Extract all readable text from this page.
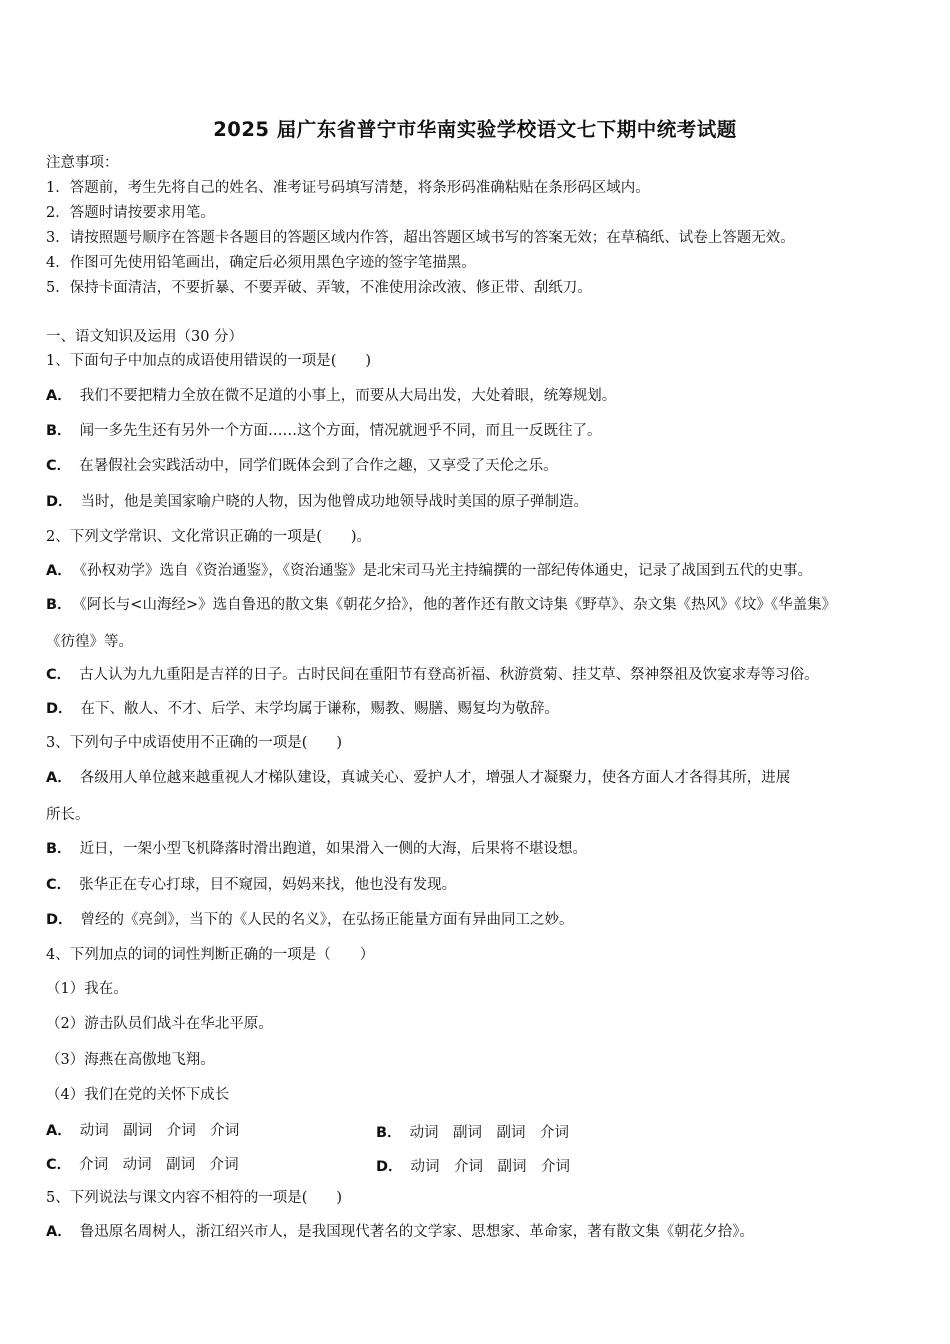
2025 届广东省普宁市华南实验学校语文七下期中统考试题
注意事项：
1．答题前，考生先将自己的姓名、准考证号码填写清楚，将条形码准确粘贴在条形码区域内。
2．答题时请按要求用笔。
3．请按照题号顺序在答题卡各题目的答题区域内作答，超出答题区域书写的答案无效；在草稿纸、试卷上答题无效。
4．作图可先使用铅笔画出，确定后必须用黑色字迹的签字笔描黑。
5．保持卡面清洁，不要折暴、不要弄破、弄皱，不准使用涂改液、修正带、刮纸刀。
一、语文知识及运用（30 分）
1、下面句子中加点的成语使用错误的一项是(　　)
A． 我们不要把精力全放在微不足道的小事上，而要从大局出发，大处着眼，统筹规划。
B． 闻一多先生还有另外一个方面……这个方面，情况就迥乎不同，而且一反既往了。
C． 在暑假社会实践活动中，同学们既体会到了合作之趣，又享受了天伦之乐。
D． 当时，他是美国家喻户晓的人物，因为他曾成功地领导战时美国的原子弹制造。
2、下列文学常识、文化常识正确的一项是(　　)。
A． 《孙权劝学》选自《资治通鉴》，《资治通鉴》是北宋司马光主持编撰的一部纪传体通史，记录了战国到五代的史事。
B． 《阿长与<山海经>》选自鲁迅的散文集《朝花夕拾》，他的著作还有散文诗集《野草》、杂文集《热风》《坟》《华盖集》
《彷徨》等。
C． 古人认为九九重阳是吉祥的日子。古时民间在重阳节有登高祈福、秋游赏菊、挂艾草、祭神祭祖及饮宴求寿等习俗。
D． 在下、敝人、不才、后学、末学均属于谦称，赐教、赐膳、赐复均为敬辞。
3、下列句子中成语使用不正确的一项是(　　)
A． 各级用人单位越来越重视人才梯队建设，真诚关心、爱护人才，增强人才凝聚力，使各方面人才各得其所，进展
所长。
B． 近日，一架小型飞机降落时滑出跑道，如果滑入一侧的大海，后果将不堪设想。
C． 张华正在专心打球，目不窥园，妈妈来找，他也没有发现。
D． 曾经的《亮剑》，当下的《人民的名义》，在弘扬正能量方面有异曲同工之妙。
4、下列加点的词的词性判断正确的一项是（　　）
（1）我在。
（2）游击队员们战斗在华北平原。
（3）海燕在高傲地飞翔。
（4）我们在党的关怀下成长
A． 动词　副词　介词　介词	B． 动词　副词　副词　介词
C． 介词　动词　副词　介词	D． 动词　介词　副词　介词
5、下列说法与课文内容不相符的一项是(　　)
A． 鲁迅原名周树人，浙江绍兴市人，是我国现代著名的文学家、思想家、革命家，著有散文集《朝花夕拾》。
